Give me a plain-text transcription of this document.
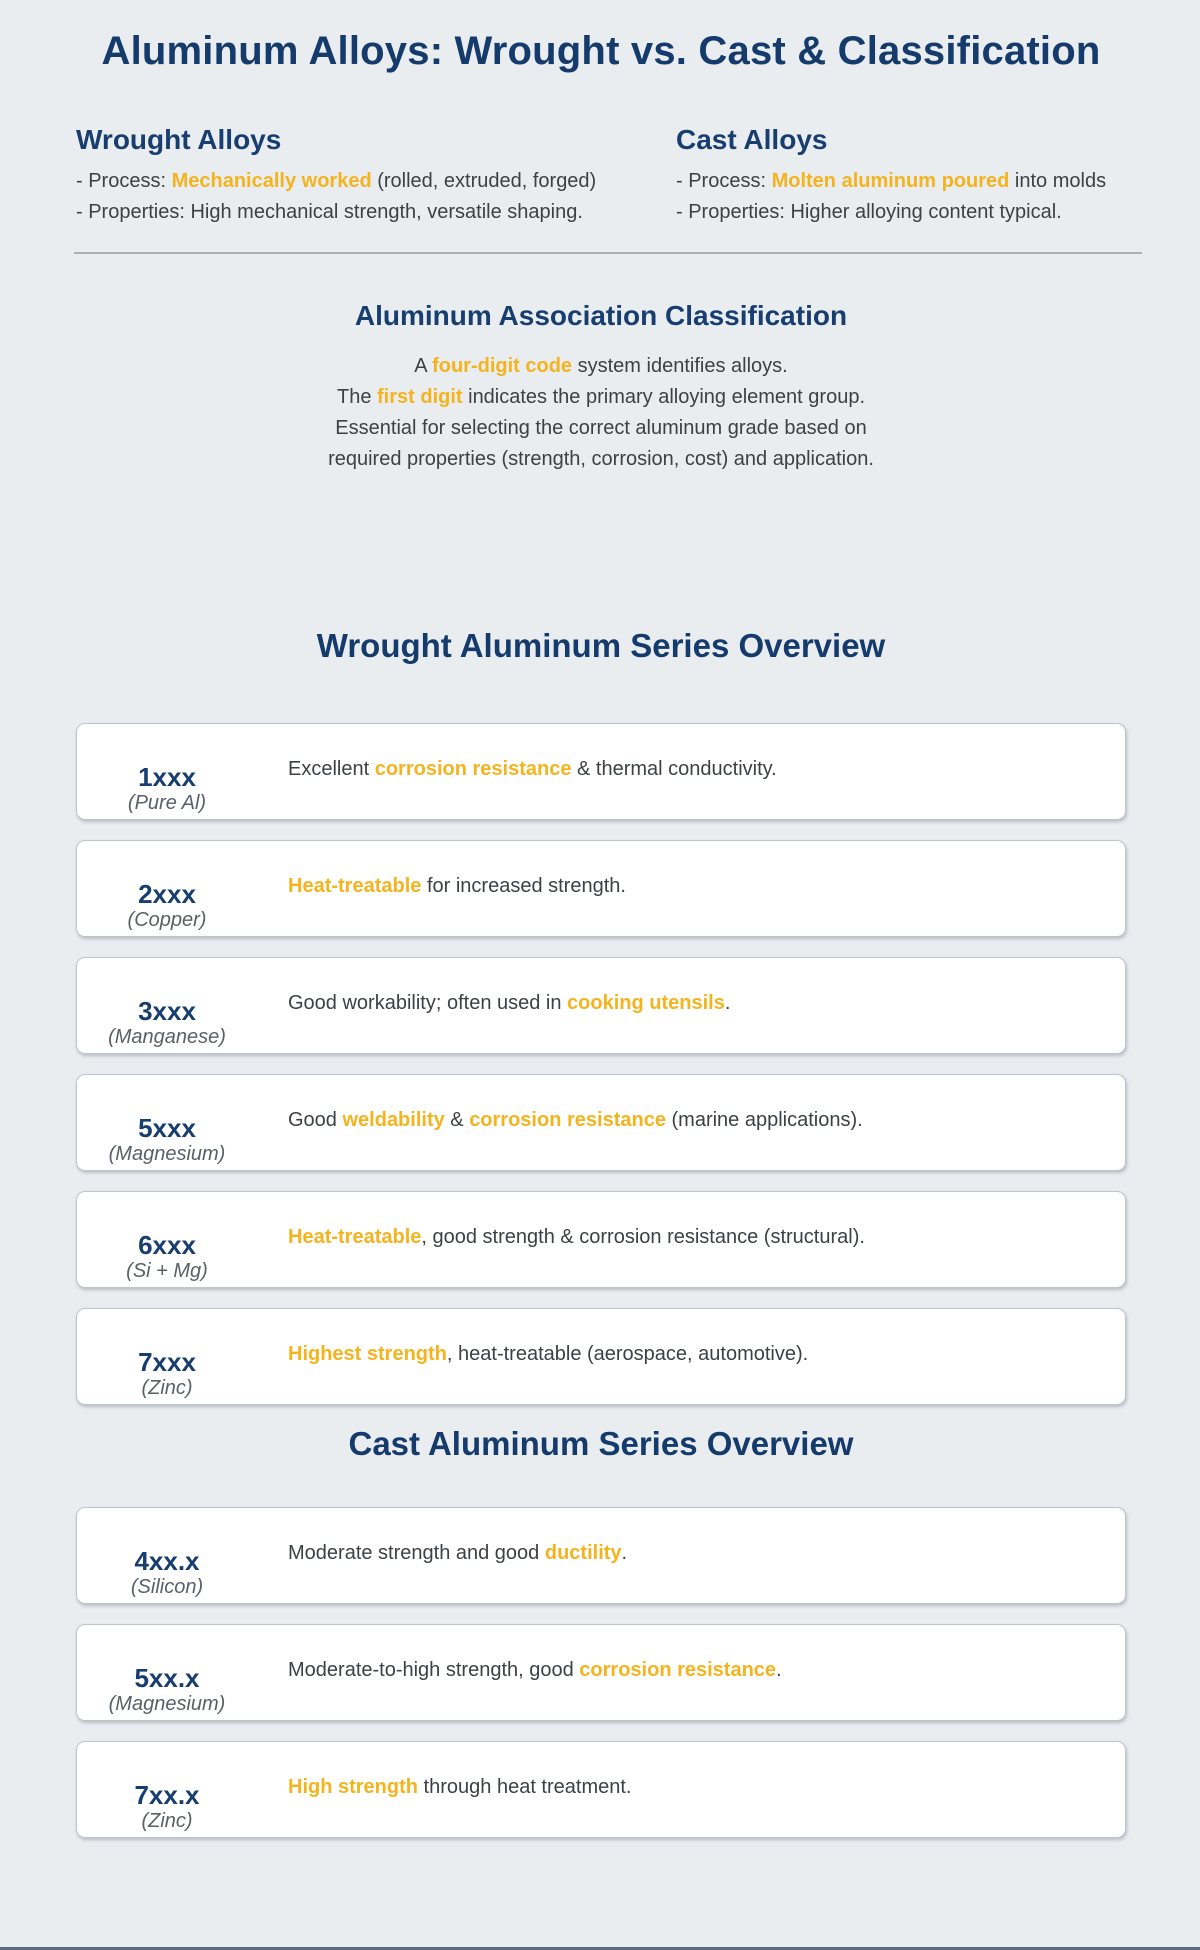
Aluminum Alloys: Wrought vs. Cast & Classification
Wrought Alloys
- Process: Mechanically worked (rolled, extruded, forged)
- Properties: High mechanical strength, versatile shaping.
Cast Alloys
- Process: Molten aluminum poured into molds
- Properties: Higher alloying content typical.
Aluminum Association Classification
A four-digit code system identifies alloys.
The first digit indicates the primary alloying element group.
Essential for selecting the correct aluminum grade based on
required properties (strength, corrosion, cost) and application.
Wrought Aluminum Series Overview
1xxx
(Pure Al)
Excellent corrosion resistance & thermal conductivity.
2xxx
(Copper)
Heat-treatable for increased strength.
3xxx
(Manganese)
Good workability; often used in cooking utensils.
5xxx
(Magnesium)
Good weldability & corrosion resistance (marine applications).
6xxx
(Si + Mg)
Heat-treatable, good strength & corrosion resistance (structural).
7xxx
(Zinc)
Highest strength, heat-treatable (aerospace, automotive).
Cast Aluminum Series Overview
4xx.x
(Silicon)
Moderate strength and good ductility.
5xx.x
(Magnesium)
Moderate-to-high strength, good corrosion resistance.
7xx.x
(Zinc)
High strength through heat treatment.
